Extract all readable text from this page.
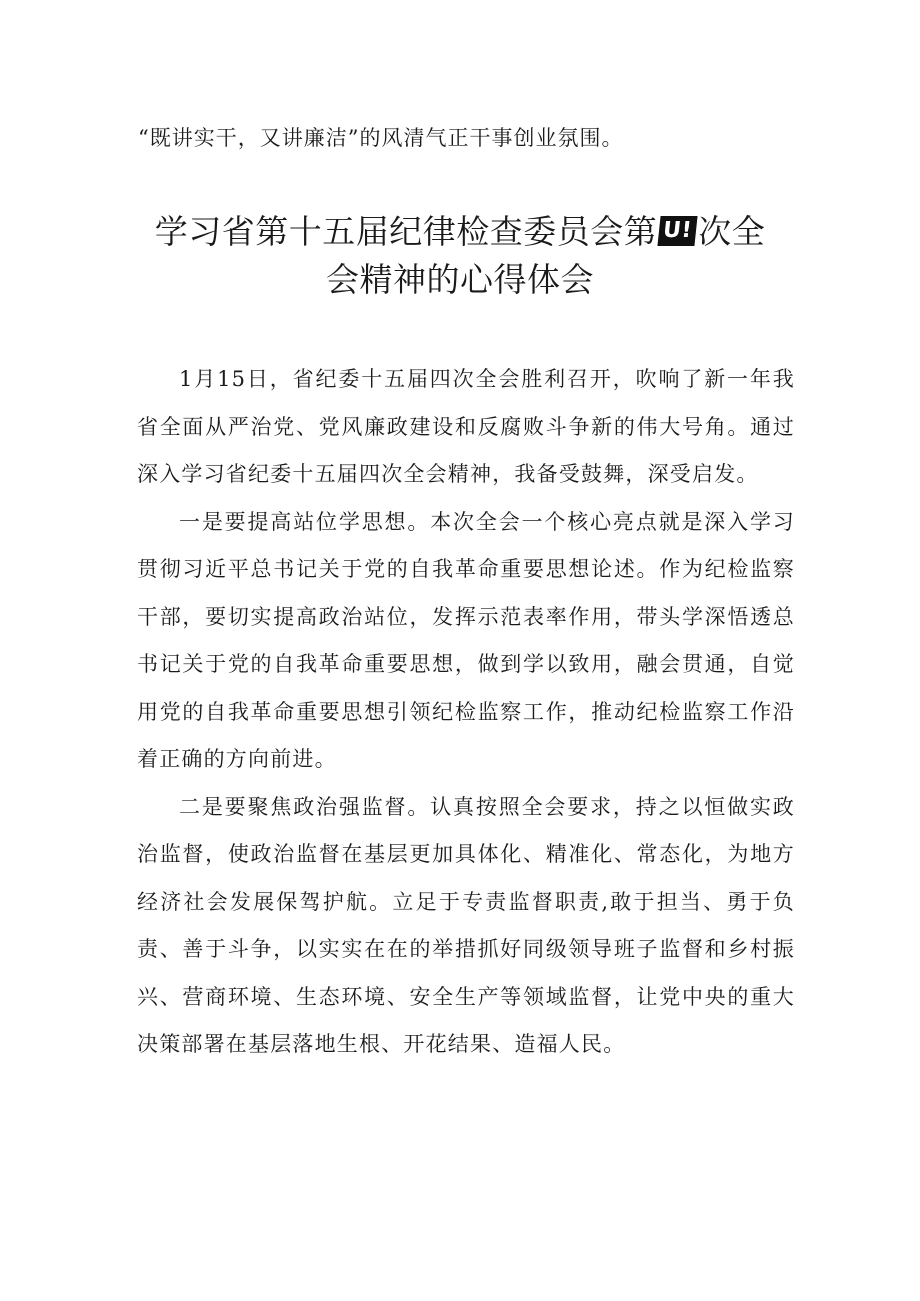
“既讲实干，又讲廉洁”的风清气正干事创业氛围。

学习省第十五届纪律检查委员会第 U! 次全
会精神的心得体会

1月15日，省纪委十五届四次全会胜利召开，吹响了新一年我省全面从严治党、党风廉政建设和反腐败斗争新的伟大号角。通过深入学习省纪委十五届四次全会精神，我备受鼓舞，深受启发。

一是要提高站位学思想。本次全会一个核心亮点就是深入学习贯彻习近平总书记关于党的自我革命重要思想论述。作为纪检监察干部，要切实提高政治站位，发挥示范表率作用，带头学深悟透总书记关于党的自我革命重要思想，做到学以致用，融会贯通，自觉用党的自我革命重要思想引领纪检监察工作，推动纪检监察工作沿着正确的方向前进。

二是要聚焦政治强监督。认真按照全会要求，持之以恒做实政治监督，使政治监督在基层更加具体化、精准化、常态化，为地方经济社会发展保驾护航。立足于专责监督职责,敢于担当、勇于负责、善于斗争，以实实在在的举措抓好同级领导班子监督和乡村振兴、营商环境、生态环境、安全生产等领域监督，让党中央的重大决策部署在基层落地生根、开花结果、造福人民。
